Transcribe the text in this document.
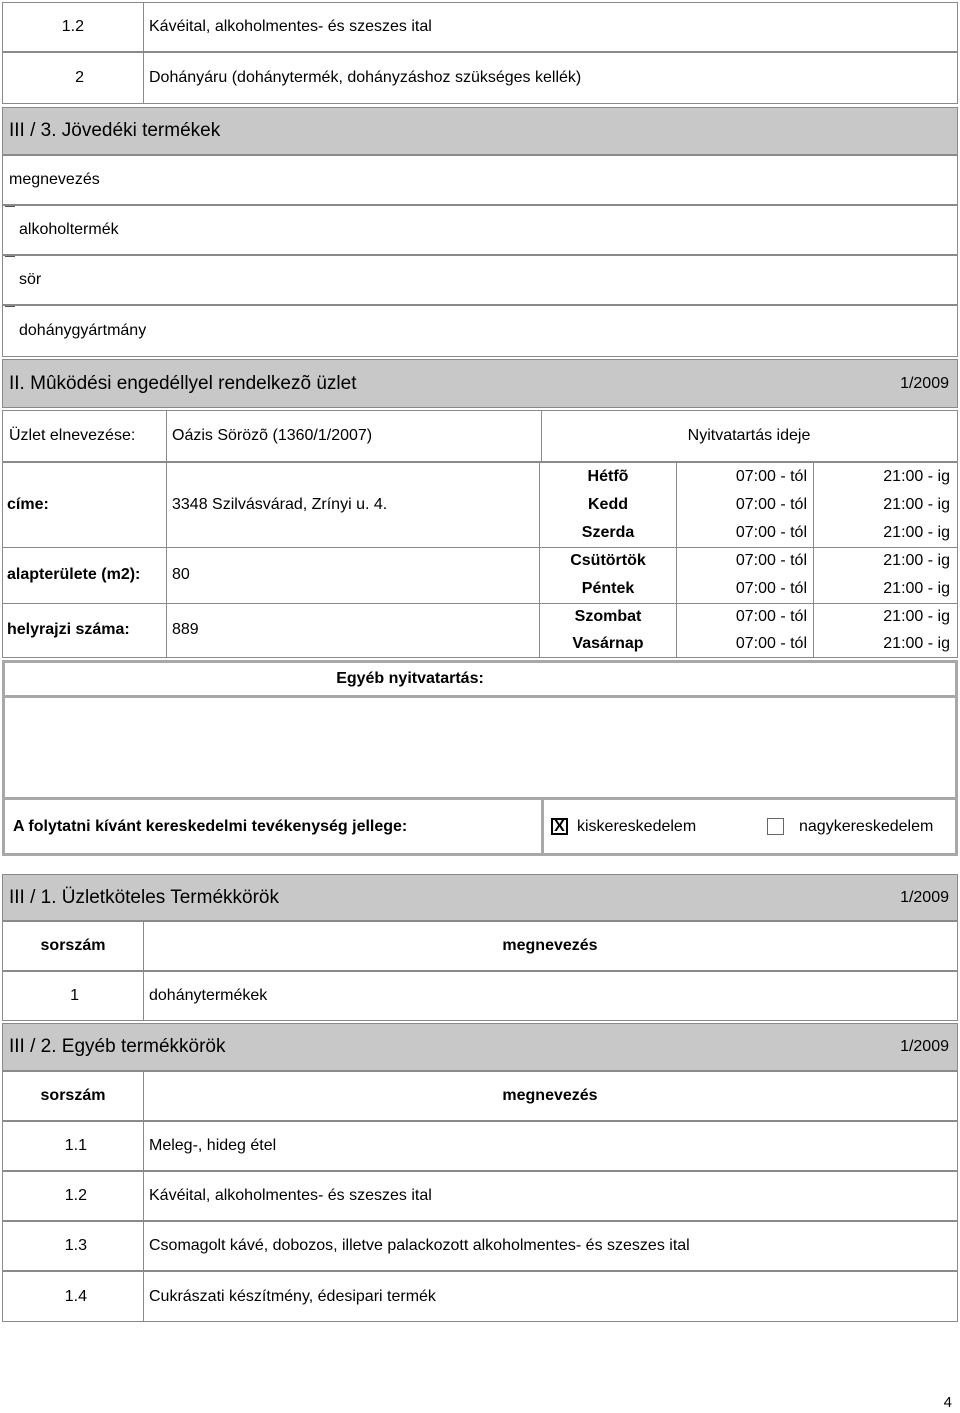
1.2	Kávéital, alkoholmentes- és szeszes ital
2	Dohányáru (dohánytermék, dohányzáshoz szükséges kellék)
III / 3. Jövedéki termékek
megnevezés
alkoholtermék
sör
dohánygyártmány
II. Mûködési engedéllyel rendelkezõ üzlet	1/2009
Üzlet elnevezése: Oázis Sörözõ (1360/1/2007)	Nyitvatartás ideje
címe:	3348 Szilvásvárad, Zrínyi u. 4.
alapterülete (m2):	80
helyrajzi száma:	889
Hétfõ	07:00 - tól	21:00 - ig
Kedd	07:00 - tól	21:00 - ig
Szerda	07:00 - tól	21:00 - ig
Csütörtök	07:00 - tól	21:00 - ig
Péntek	07:00 - tól	21:00 - ig
Szombat	07:00 - tól	21:00 - ig
Vasárnap	07:00 - tól	21:00 - ig
Egyéb nyitvatartás:
A folytatni kívánt kereskedelmi tevékenység jellege:	X kiskereskedelem	nagykereskedelem
III / 1. Üzletköteles Termékkörök	1/2009
sorszám	megnevezés
1	dohánytermékek
III / 2. Egyéb termékkörök	1/2009
sorszám	megnevezés
1.1	Meleg-, hideg étel
1.2	Kávéital, alkoholmentes- és szeszes ital
1.3	Csomagolt kávé, dobozos, illetve palackozott alkoholmentes- és szeszes ital
1.4	Cukrászati készítmény, édesipari termék
4
